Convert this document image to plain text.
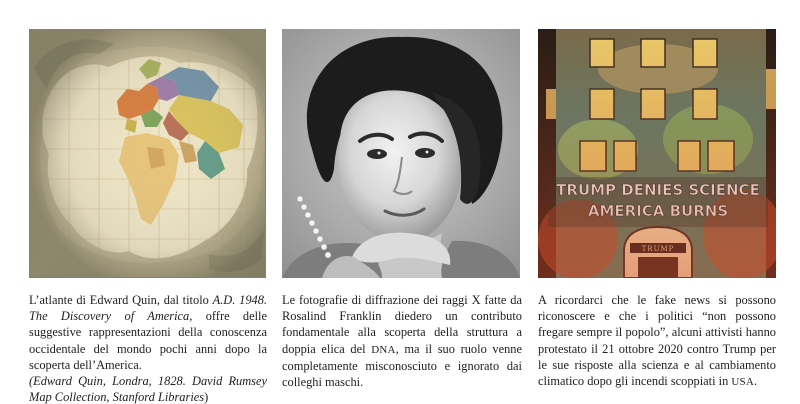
L’atlante di Edward Quin, dal titolo A.D. 1948. The Discovery of America, offre delle suggestive rappresentazioni della conoscenza occidentale del mondo pochi anni dopo la scoperta dell’America.
(Edward Quin, Londra, 1828. David Rumsey Map Collection, Stanford Libraries)

Le fotografie di diffrazione dei raggi X fatte da Rosalind Franklin diedero un contributo fondamentale alla scoperta della struttura a doppia elica del DNA, ma il suo ruolo venne completamente misconosciuto e ignorato dai colleghi maschi.

A ricordarci che le fake news si possono riconoscere e che i politici “non possono fregare sempre il popolo”, alcuni attivisti hanno protestato il 21 ottobre 2020 contro Trump per le sue risposte alla scienza e al cambiamento climatico dopo gli incendi scoppiati in USA.
